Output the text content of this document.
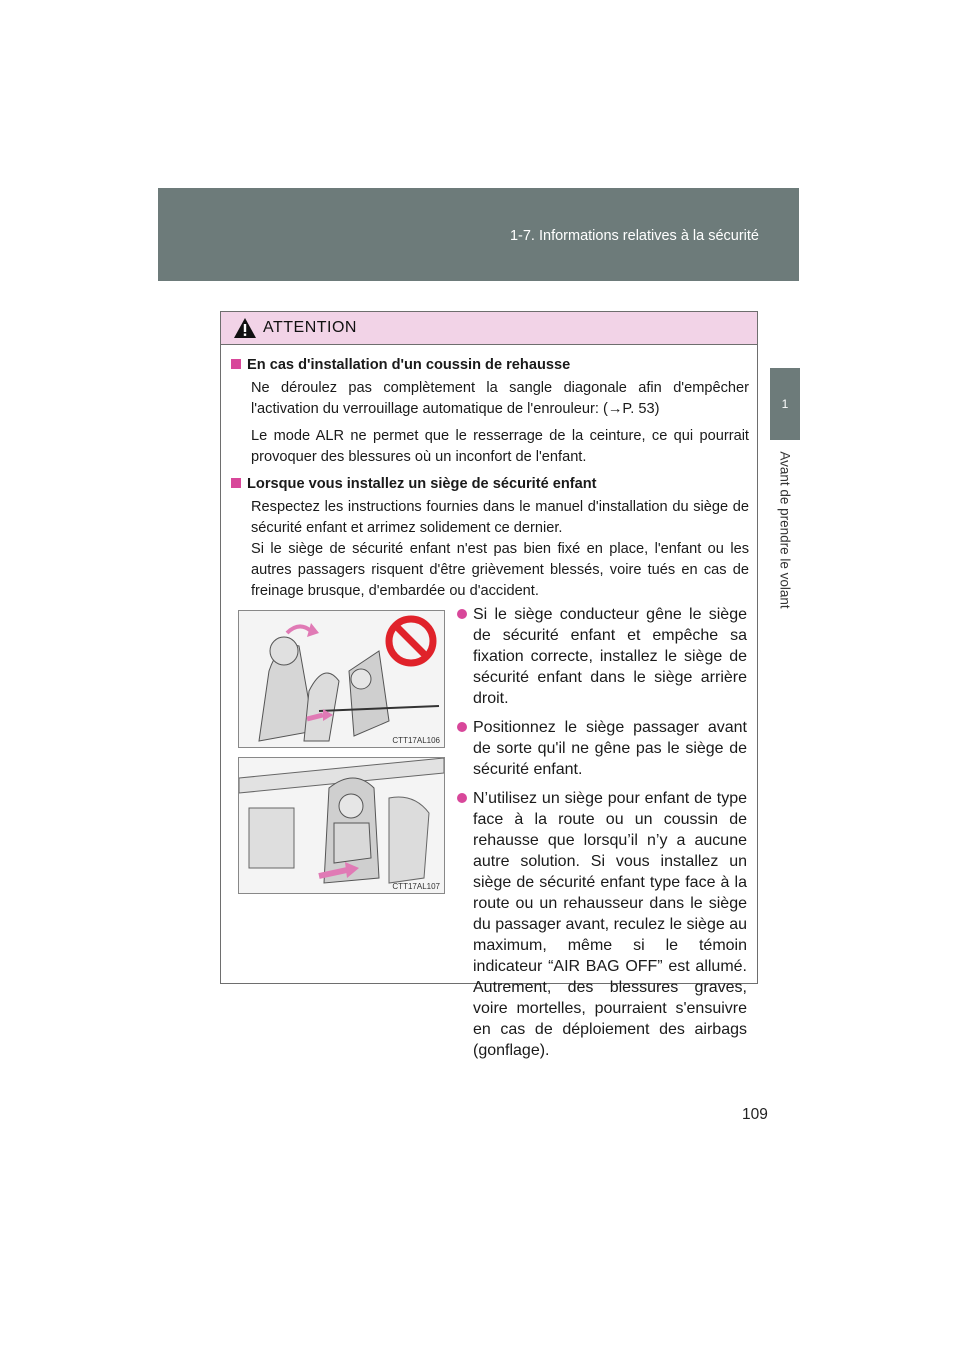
1-7. Informations relatives à la sécurité
1
Avant de prendre le volant
ATTENTION
En cas d'installation d'un coussin de rehausse

Ne déroulez pas complètement la sangle diagonale afin d'empêcher l'activation du verrouillage automatique de l'enrouleur: (→P. 53)

Le mode ALR ne permet que le resserrage de la ceinture, ce qui pourrait provoquer des blessures où un inconfort de l'enfant.

Lorsque vous installez un siège de sécurité enfant

Respectez les instructions fournies dans le manuel d'installation du siège de sécurité enfant et arrimez solidement ce dernier.

Si le siège de sécurité enfant n'est pas bien fixé en place, l'enfant ou les autres passagers risquent d'être grièvement blessés, voire tués en cas de freinage brusque, d'embardée ou d'accident.

CTT17AL106
CTT17AL107
Si le siège conducteur gêne le siège de sécurité enfant et empêche sa fixation correcte, installez le siège de sécurité enfant dans le siège arrière droit.
Positionnez le siège passager avant de sorte qu'il ne gêne pas le siège de sécurité enfant.
N’utilisez un siège pour enfant de type face à la route ou un coussin de rehausse que lorsqu’il n’y a aucune autre solution. Si vous installez un siège de sécurité enfant type face à la route ou un rehausseur dans le siège du passager avant, reculez le siège au maximum, même si le témoin indicateur “AIR BAG OFF” est allumé. Autrement, des blessures graves, voire mortelles, pourraient s'ensuivre en cas de déploiement des airbags (gonflage).
109
